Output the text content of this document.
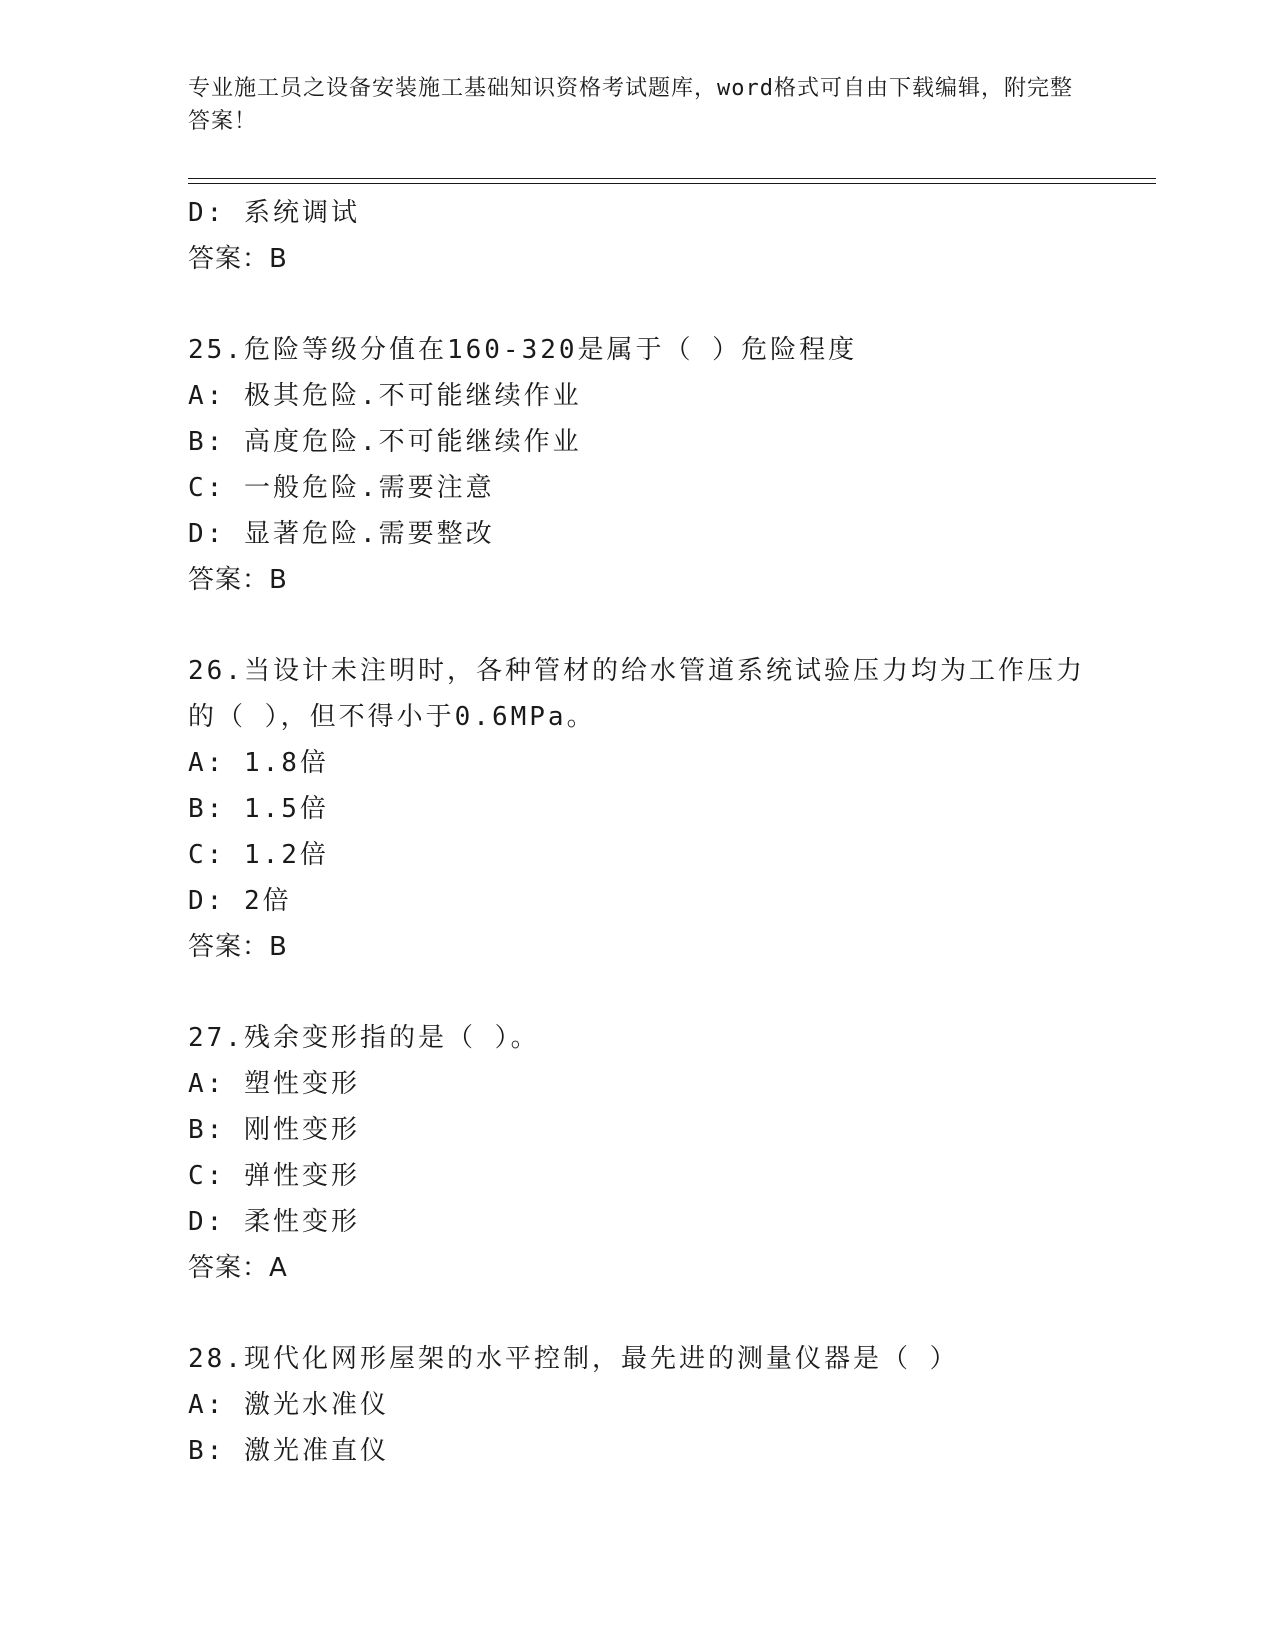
专业施工员之设备安装施工基础知识资格考试题库，word格式可自由下载编辑，附完整答案！
D: 系统调试
答案：B
25.危险等级分值在160-320是属于（ ）危险程度
A: 极其危险.不可能继续作业
B: 高度危险.不可能继续作业
C: 一般危险.需要注意
D: 显著危险.需要整改
答案：B
26.当设计未注明时，各种管材的给水管道系统试验压力均为工作压力
的（ ），但不得小于0.6MPa。
A: 1.8倍
B: 1.5倍
C: 1.2倍
D: 2倍
答案：B
27.残余变形指的是（ ）。
A: 塑性变形
B: 刚性变形
C: 弹性变形
D: 柔性变形
答案：A
28.现代化网形屋架的水平控制，最先进的测量仪器是（ ）
A: 激光水准仪
B: 激光准直仪
